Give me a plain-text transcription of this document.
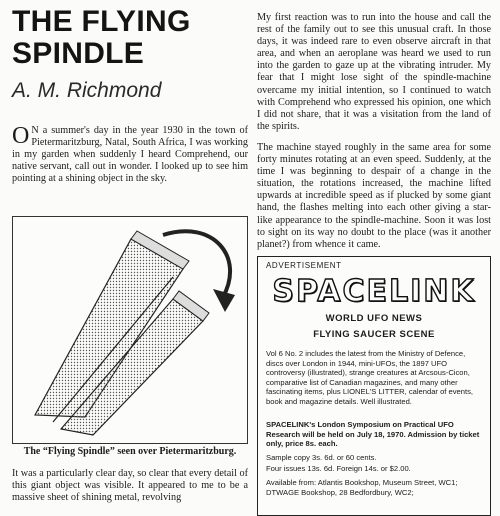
THE FLYING SPINDLE
A. M. Richmond

O N a summer's day in the year 1930 in the town of Pietermaritzburg, Natal, South Africa, I was working in my garden when suddenly I heard Comprehend, our native servant, call out in wonder. I looked up to see him pointing at a shining object in the sky.

The “Flying Spindle” seen over Pietermaritzburg.

It was a particularly clear day, so clear that every detail of this giant object was visible. It appeared to me to be a massive sheet of shining metal, revolving

My first reaction was to run into the house and call the rest of the family out to see this unusual craft. In those days, it was indeed rare to even observe aircraft in that area, and when an aeroplane was heard we used to run into the garden to gaze up at the vibrating intruder. My fear that I might lose sight of the spindle-machine overcame my initial intention, so I continued to watch with Comprehend who expressed his opinion, one which I did not share, that it was a visitation from the land of the spirits.

The machine stayed roughly in the same area for some forty minutes rotating at an even speed. Suddenly, at the time I was beginning to despair of a change in the situation, the rotations increased, the machine lifted upwards at incredible speed as if plucked by some giant hand, the flashes melting into each other giving a star-like appearance to the spindle-machine. Soon it was lost to sight on its way no doubt to the place (was it another planet?) from whence it came.

ADVERTISEMENT
SPACELINK
WORLD UFO NEWS
FLYING SAUCER SCENE

Vol 6 No. 2 includes the latest from the Ministry of Defence, discs over London in 1944, mini-UFOs, the 1897 UFO controversy (illustrated), strange creatures at Arcsous-Cicon, comparative list of Canadian magazines, and many other fascinating items, plus LIONEL'S LITTER, calendar of events, book and magazine details. Well illustrated.

SPACELINK's London Symposium on Practical UFO Research will be held on July 18, 1970. Admission by ticket only, price 8s. each.

Sample copy 3s. 6d. or 60 cents.

Four issues 13s. 6d. Foreign 14s. or $2.00.

Available from: Atlantis Bookshop, Museum Street, WC1; DTWAGE Bookshop, 28 Bedfordbury, WC2;
